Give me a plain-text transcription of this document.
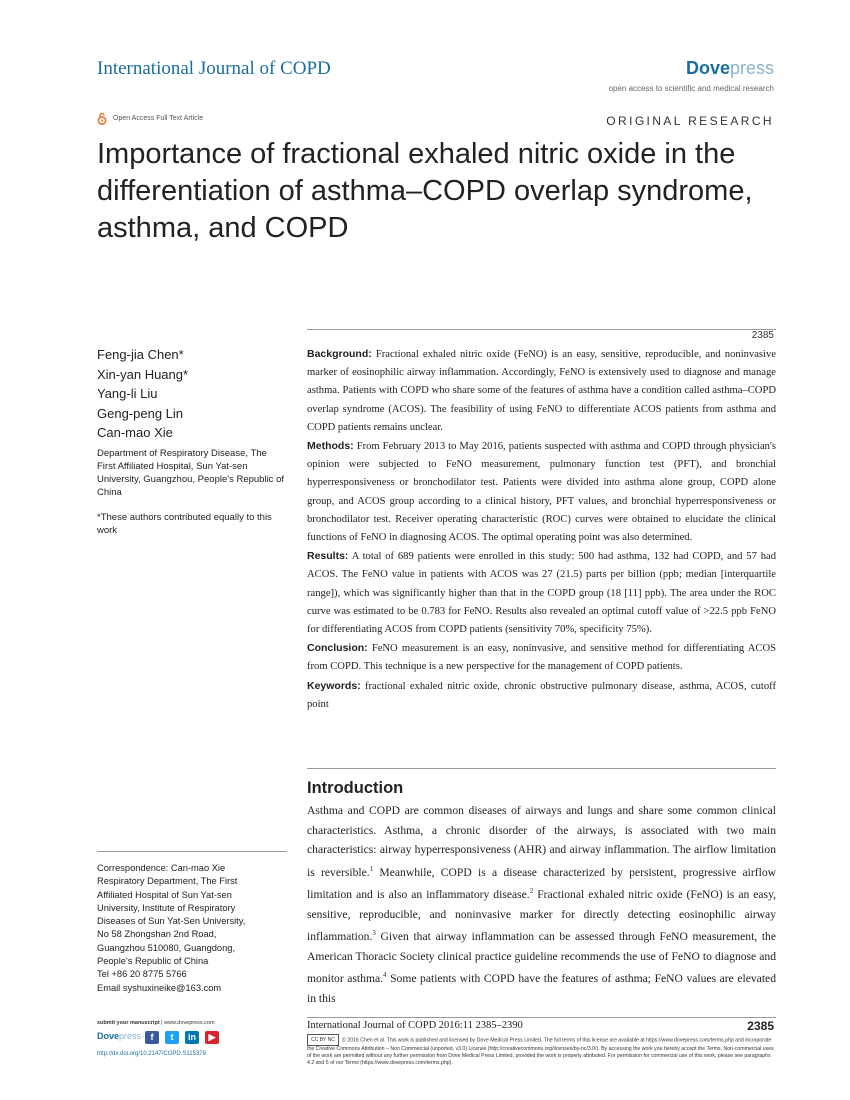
International Journal of COPD	Dovepress
open access to scientific and medical research
Open Access Full Text Article	ORIGINAL RESEARCH
Importance of fractional exhaled nitric oxide in the differentiation of asthma–COPD overlap syndrome, asthma, and COPD
2385
Feng-jia Chen*
Xin-yan Huang*
Yang-li Liu
Geng-peng Lin
Can-mao Xie
Department of Respiratory Disease, The First Affiliated Hospital, Sun Yat-sen University, Guangzhou, People's Republic of China
*These authors contributed equally to this work

Background: Fractional exhaled nitric oxide (FeNO) is an easy, sensitive, reproducible, and noninvasive marker of eosinophilic airway inflammation. Accordingly, FeNO is extensively used to diagnose and manage asthma. Patients with COPD who share some of the features of asthma have a condition called asthma–COPD overlap syndrome (ACOS). The feasibility of using FeNO to differentiate ACOS patients from asthma and COPD patients remains unclear.

Methods: From February 2013 to May 2016, patients suspected with asthma and COPD through physician's opinion were subjected to FeNO measurement, pulmonary function test (PFT), and bronchial hyperresponsiveness or bronchodilator test. Patients were divided into asthma alone group, COPD alone group, and ACOS group according to a clinical history, PFT values, and bronchial hyperresponsiveness or bronchodilator test. Receiver operating characteristic (ROC) curves were obtained to elucidate the clinical functions of FeNO in diagnosing ACOS. The optimal operating point was also determined.

Results: A total of 689 patients were enrolled in this study: 500 had asthma, 132 had COPD, and 57 had ACOS. The FeNO value in patients with ACOS was 27 (21.5) parts per billion (ppb; median [interquartile range]), which was significantly higher than that in the COPD group (18 [11] ppb). The area under the ROC curve was estimated to be 0.783 for FeNO. Results also revealed an optimal cutoff value of >22.5 ppb FeNO for differentiating ACOS from COPD patients (sensitivity 70%, specificity 75%).

Conclusion: FeNO measurement is an easy, noninvasive, and sensitive method for differentiating ACOS from COPD. This technique is a new perspective for the management of COPD patients.

Keywords: fractional exhaled nitric oxide, chronic obstructive pulmonary disease, asthma, ACOS, cutoff point

Introduction
Asthma and COPD are common diseases of airways and lungs and share some common clinical characteristics. Asthma, a chronic disorder of the airways, is associated with two main characteristics: airway hyperresponsiveness (AHR) and airway inflammation. The airflow limitation is reversible.$^1$ Meanwhile, COPD is a disease characterized by persistent, progressive airflow limitation and is also an inflammatory disease.$^2$ Fractional exhaled nitric oxide (FeNO) is an easy, sensitive, reproducible, and noninvasive marker for directly detecting eosinophilic airway inflammation.$^3$ Given that airway inflammation can be assessed through FeNO measurement, the American Thoracic Society clinical practice guideline recommends the use of FeNO to diagnose and monitor asthma.$^4$ Some patients with COPD have the features of asthma; FeNO values are elevated in this
Correspondence: Can-mao Xie
Respiratory Department, The First
Affiliated Hospital of Sun Yat-sen
University, Institute of Respiratory
Diseases of Sun Yat-Sen University,
No 58 Zhongshan 2nd Road,
Guangzhou 510080, Guangdong,
People's Republic of China
Tel +86 20 8775 5766
Email syshuxineike@163.com
submit your manuscript | www.dovepress.com
Dovepress	f	t	in	▶
http://dx.doi.org/10.2147/COPD.S115378
International Journal of COPD 2016:11 2385–2390	2385
CC BY NC © 2016 Chen et al. This work is published and licensed by Dove Medical Press Limited. The full terms of this license are available at https://www.dovepress.com/terms.php and incorporate the Creative Commons Attribution – Non Commercial (unported, v3.0) License (http://creativecommons.org/licenses/by-nc/3.0/). By accessing the work you hereby accept the Terms. Non-commercial uses of the work are permitted without any further permission from Dove Medical Press Limited, provided the work is properly attributed. For permission for commercial use of this work, please see paragraphs 4.2 and 5 of our Terms (https://www.dovepress.com/terms.php).
